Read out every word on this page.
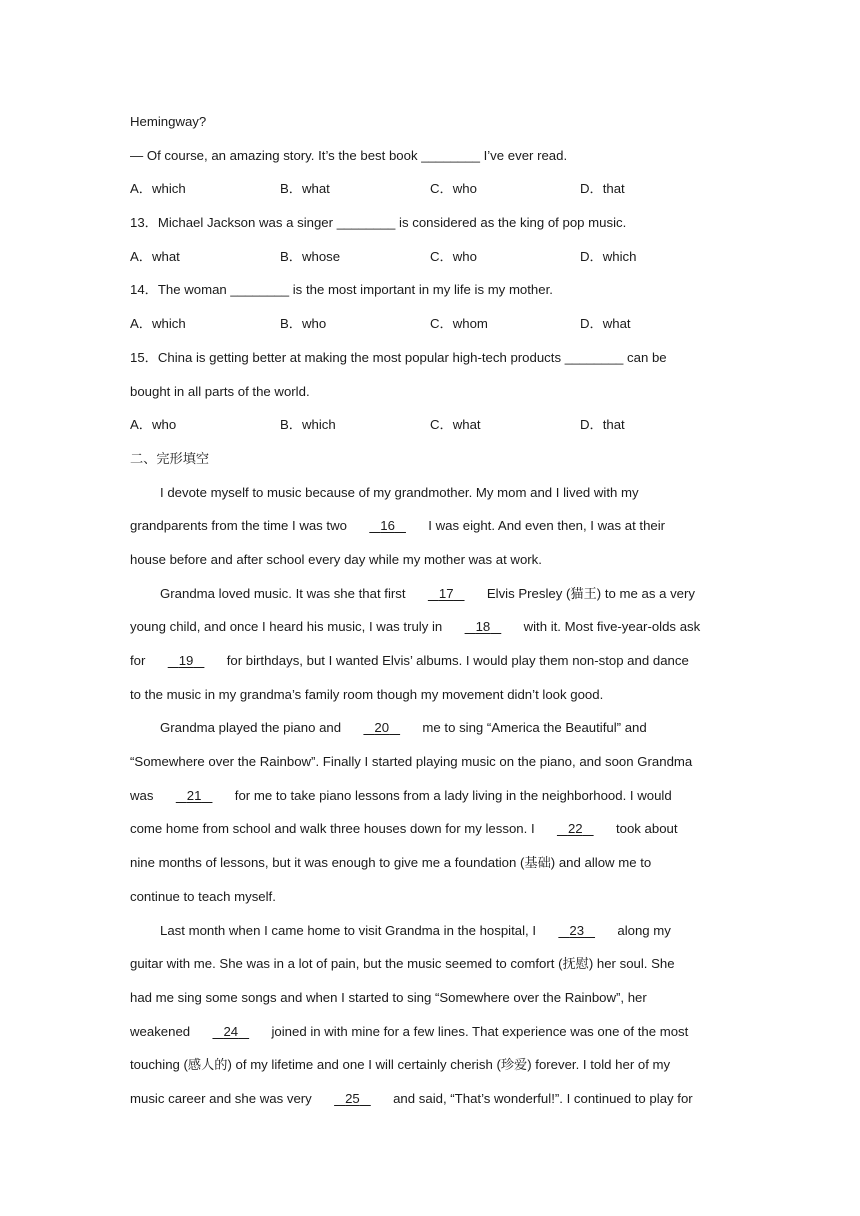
Hemingway?
— Of course, an amazing story. It’s the best book ________ I’ve ever read.
A．which	B．what	C．who	D．that
13．Michael Jackson was a singer ________ is considered as the king of pop music.
A．what	B．whose	C．who	D．which
14．The woman ________ is the most important in my life is my mother.
A．which	B．who	C．whom	D．what
15．China is getting better at making the most popular high-tech products ________ can be
bought in all parts of the world.
A．who	B．which	C．what	D．that
二、完形填空
I devote myself to music because of my grandmother. My mom and I lived with my
grandparents from the time I was two 16 I was eight. And even then, I was at their
house before and after school every day while my mother was at work.
Grandma loved music. It was she that first 17 Elvis Presley (猫王) to me as a very
young child, and once I heard his music, I was truly in 18 with it. Most five-year-olds ask
for 19 for birthdays, but I wanted Elvis’ albums. I would play them non-stop and dance
to the music in my grandma’s family room though my movement didn’t look good.
Grandma played the piano and 20 me to sing “America the Beautiful” and
“Somewhere over the Rainbow”. Finally I started playing music on the piano, and soon Grandma
was 21 for me to take piano lessons from a lady living in the neighborhood. I would
come home from school and walk three houses down for my lesson. I 22 took about
nine months of lessons, but it was enough to give me a foundation (基础) and allow me to
continue to teach myself.
Last month when I came home to visit Grandma in the hospital, I 23 along my
guitar with me. She was in a lot of pain, but the music seemed to comfort (抚慰) her soul. She
had me sing some songs and when I started to sing “Somewhere over the Rainbow”, her
weakened 24 joined in with mine for a few lines. That experience was one of the most
touching (感人的) of my lifetime and one I will certainly cherish (珍爱) forever. I told her of my
music career and she was very 25 and said, “That’s wonderful!”. I continued to play for
